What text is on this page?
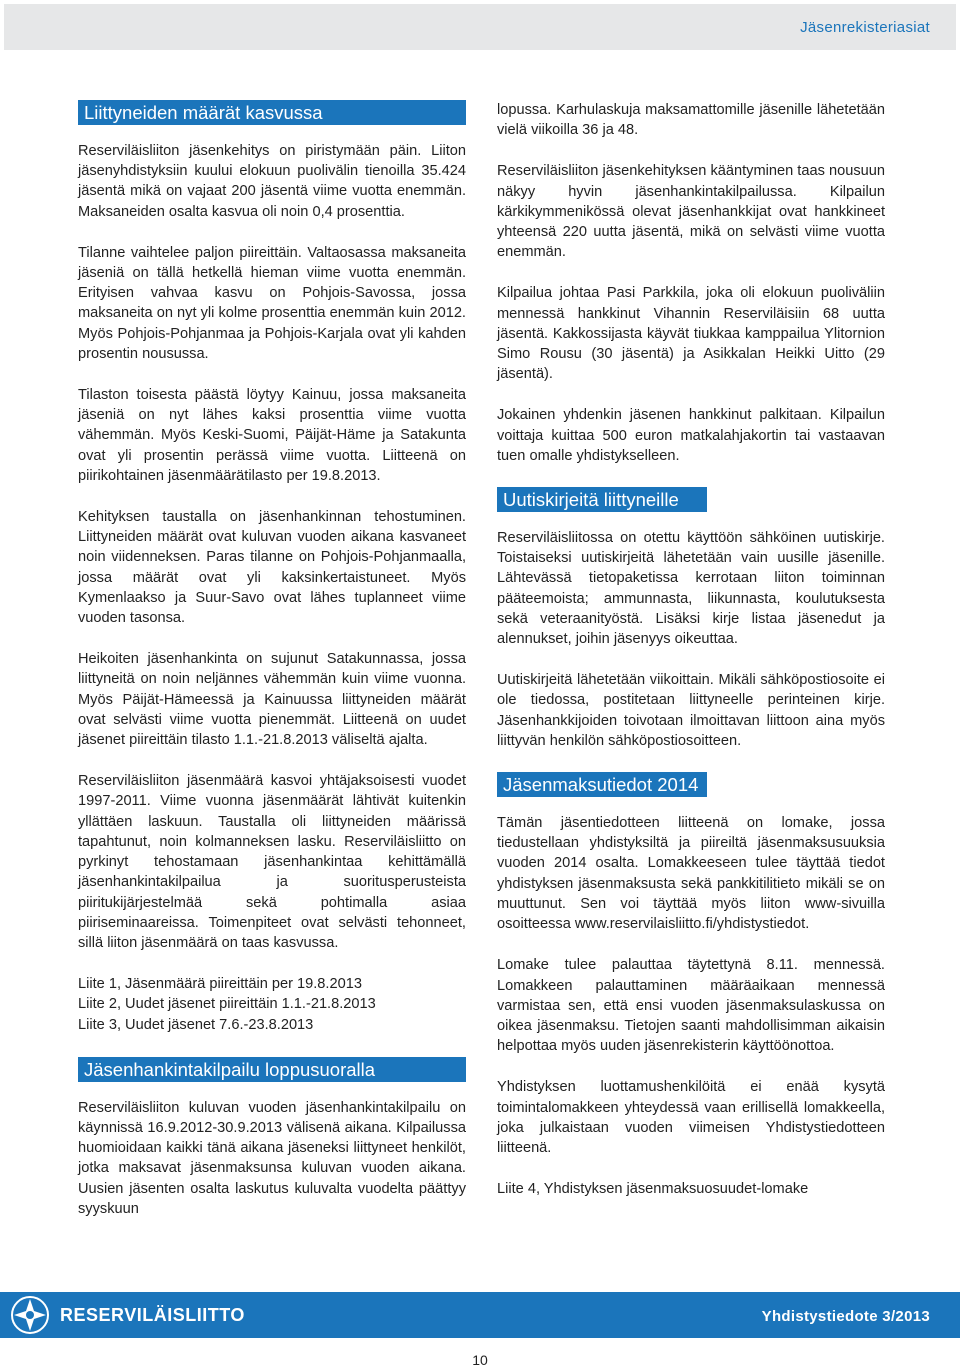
Jäsenrekisteriasiat
Liittyneiden määrät kasvussa

Reserviläisliiton jäsenkehitys on piristymään päin. Liiton jäsenyhdistyksiin kuului elokuun puolivälin tienoilla 35.424 jäsentä mikä on vajaat 200 jäsentä viime vuotta enemmän. Maksaneiden osalta kasvua oli noin 0,4 prosenttia.

Tilanne vaihtelee paljon piireittäin. Valtaosassa maksaneita jäseniä on tällä hetkellä hieman viime vuotta enemmän. Erityisen vahvaa kasvu on Pohjois-Savossa, jossa maksaneita on nyt yli kolme prosenttia enemmän kuin 2012. Myös Pohjois-Pohjanmaa ja Pohjois-Karjala ovat yli kahden prosentin nousussa.

Tilaston toisesta päästä löytyy Kainuu, jossa maksaneita jäseniä on nyt lähes kaksi prosenttia viime vuotta vähemmän. Myös Keski-Suomi, Päijät-Häme ja Satakunta ovat yli prosentin perässä viime vuotta. Liitteenä on piirikohtainen jäsenmäärätilasto per 19.8.2013.

Kehityksen taustalla on jäsenhankinnan tehostuminen. Liittyneiden määrät ovat kuluvan vuoden aikana kasvaneet noin viidenneksen. Paras tilanne on Pohjois-Pohjanmaalla, jossa määrät ovat yli kaksinkertaistuneet. Myös Kymenlaakso ja Suur-Savo ovat lähes tuplanneet viime vuoden tasonsa.

Heikoiten jäsenhankinta on sujunut Satakunnassa, jossa liittyneitä on noin neljännes vähemmän kuin viime vuonna. Myös Päijät-Hämeessä ja Kainuussa liittyneiden määrät ovat selvästi viime vuotta pienemmät. Liitteenä on uudet jäsenet piireittäin tilasto 1.1.-21.8.2013 väliseltä ajalta.

Reserviläisliiton jäsenmäärä kasvoi yhtäjaksoisesti vuodet 1997-2011. Viime vuonna jäsenmäärät lähtivät kuitenkin yllättäen laskuun. Taustalla oli liittyneiden määrissä tapahtunut, noin kolmanneksen lasku. Reserviläisliitto on pyrkinyt tehostamaan jäsenhankintaa kehittämällä jäsenhankintakilpailua ja suoritusperusteista piiritukijärjestelmää sekä pohtimalla asiaa piiriseminaareissa. Toimenpiteet ovat selvästi tehonneet, sillä liiton jäsenmäärä on taas kasvussa.

Liite 1, Jäsenmäärä piireittäin per 19.8.2013

Liite 2, Uudet jäsenet piireittäin 1.1.-21.8.2013

Liite 3, Uudet jäsenet 7.6.-23.8.2013

Jäsenhankintakilpailu loppusuoralla

Reserviläisliiton kuluvan vuoden jäsenhankintakilpailu on käynnissä 16.9.2012-30.9.2013 välisenä aikana. Kilpailussa huomioidaan kaikki tänä aikana jäseneksi liittyneet henkilöt, jotka maksavat jäsenmaksunsa kuluvan vuoden aikana. Uusien jäsenten osalta laskutus kuluvalta vuodelta päättyy syyskuun

lopussa. Karhulaskuja maksamattomille jäsenille lähetetään vielä viikoilla 36 ja 48.

Reserviläisliiton jäsenkehityksen kääntyminen taas nousuun näkyy hyvin jäsenhankintakilpailussa. Kilpailun kärkikymmenikössä olevat jäsenhankkijat ovat hankkineet yhteensä 220 uutta jäsentä, mikä on selvästi viime vuotta enemmän.

Kilpailua johtaa Pasi Parkkila, joka oli elokuun puoliväliin mennessä hankkinut Vihannin Reserviläisiin 68 uutta jäsentä. Kakkossijasta käyvät tiukkaa kamppailua Ylitornion Simo Rousu (30 jäsentä) ja Asikkalan Heikki Uitto (29 jäsentä).

Jokainen yhdenkin jäsenen hankkinut palkitaan. Kilpailun voittaja kuittaa 500 euron matkalahjakortin tai vastaavan tuen omalle yhdistykselleen.

Uutiskirjeitä liittyneille

Reserviläisliitossa on otettu käyttöön sähköinen uutiskirje. Toistaiseksi uutiskirjeitä lähetetään vain uusille jäsenille. Lähtevässä tietopaketissa kerrotaan liiton toiminnan pääteemoista; ammunnasta, liikunnasta, koulutuksesta sekä veteraanityöstä. Lisäksi kirje listaa jäsenedut ja alennukset, joihin jäsenyys oikeuttaa.

Uutiskirjeitä lähetetään viikoittain. Mikäli sähköpostiosoite ei ole tiedossa, postitetaan liittyneelle perinteinen kirje. Jäsenhankkijoiden toivotaan ilmoittavan liittoon aina myös liittyvän henkilön sähköpostiosoitteen.

Jäsenmaksutiedot 2014

Tämän jäsentiedotteen liitteenä on lomake, jossa tiedustellaan yhdistyksiltä ja piireiltä jäsenmaksusuuksia vuoden 2014 osalta. Lomakkeeseen tulee täyttää tiedot yhdistyksen jäsenmaksusta sekä pankkitilitieto mikäli se on muuttunut. Sen voi täyttää myös liiton www-sivuilla osoitteessa www.reservilaisliitto.fi/yhdistystiedot.

Lomake tulee palauttaa täytettynä 8.11. mennessä. Lomakkeen palauttaminen määräaikaan mennessä varmistaa sen, että ensi vuoden jäsenmaksulaskussa on oikea jäsenmaksu. Tietojen saanti mahdollisimman aikaisin helpottaa myös uuden jäsenrekisterin käyttöönottoa.

Yhdistyksen luottamushenkilöitä ei enää kysytä toimintalomakkeen yhteydessä vaan erillisellä lomakkeella, joka julkaistaan vuoden viimeisen Yhdistystiedotteen liitteenä.

Liite 4, Yhdistyksen jäsenmaksuosuudet-lomake

RESERVILÄISLIITTO	Yhdistystiedote 3/2013
10
